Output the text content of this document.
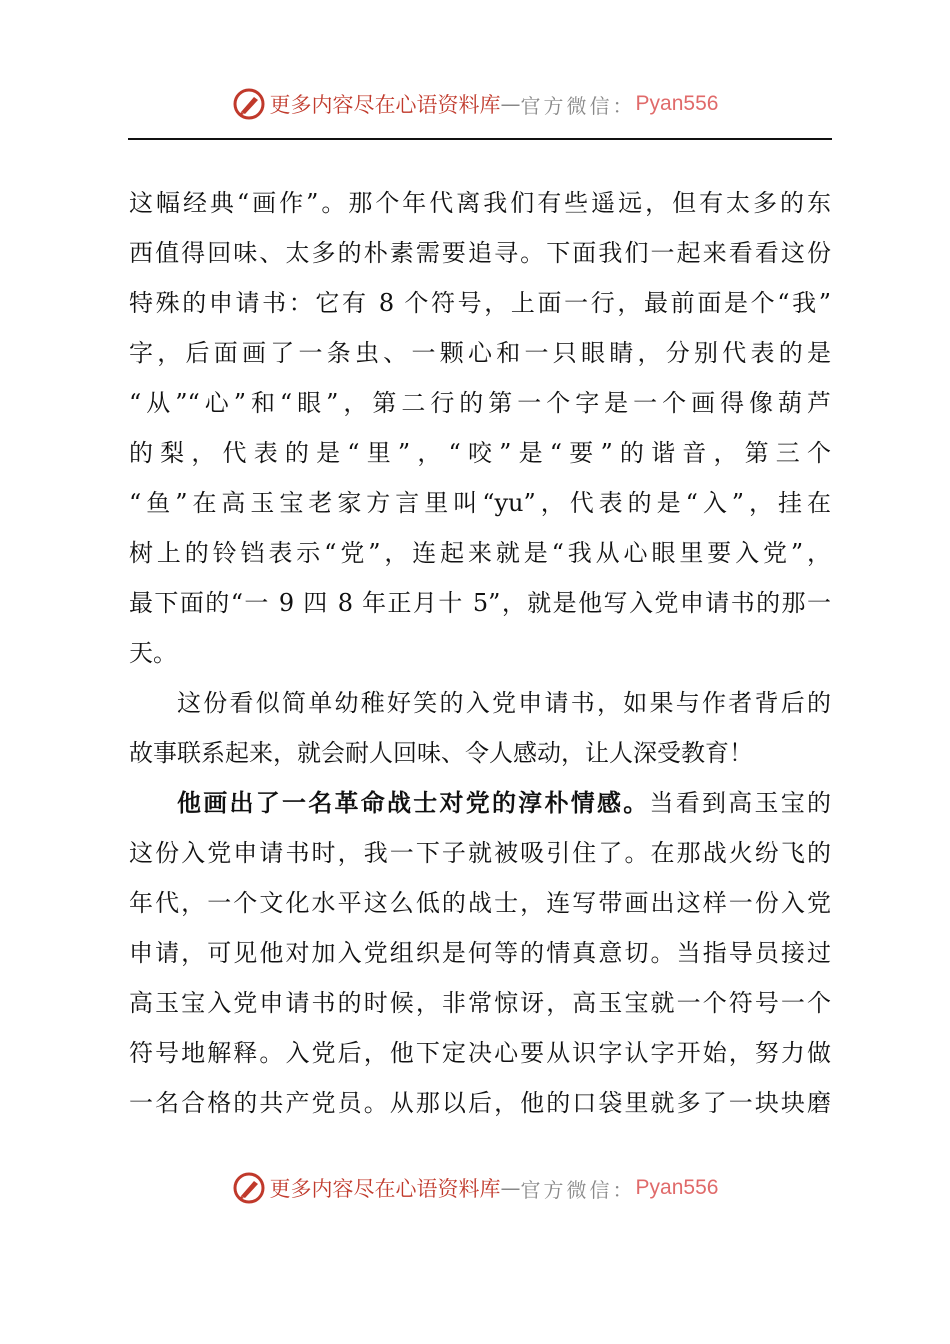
更多内容尽在心语资料库 — 官方微信： Pyan556
这幅经典“画作”。那个年代离我们有些遥远，但有太多的东
西值得回味、太多的朴素需要追寻。下面我们一起来看看这份
特殊的申请书：它有 8 个符号，上面一行，最前面是个“我”
字，后面画了一条虫、一颗心和一只眼睛，分别代表的是
“从”“心”和“眼”，第二行的第一个字是一个画得像葫芦
的梨，代表的是“里”，“咬”是“要”的谐音，第三个
“鱼”在高玉宝老家方言里叫“yu”，代表的是“入”，挂在
树上的铃铛表示“党”，连起来就是“我从心眼里要入党”，
最下面的“一 9 四 8 年正月十 5”，就是他写入党申请书的那一
天。
这份看似简单幼稚好笑的入党申请书，如果与作者背后的
故事联系起来，就会耐人回味、令人感动，让人深受教育！
他画出了一名革命战士对党的淳朴情感。当看到高玉宝的
这份入党申请书时，我一下子就被吸引住了。在那战火纷飞的
年代，一个文化水平这么低的战士，连写带画出这样一份入党
申请，可见他对加入党组织是何等的情真意切。当指导员接过
高玉宝入党申请书的时候，非常惊讶，高玉宝就一个符号一个
符号地解释。入党后，他下定决心要从识字认字开始，努力做
一名合格的共产党员。从那以后，他的口袋里就多了一块块磨
更多内容尽在心语资料库 — 官方微信： Pyan556
